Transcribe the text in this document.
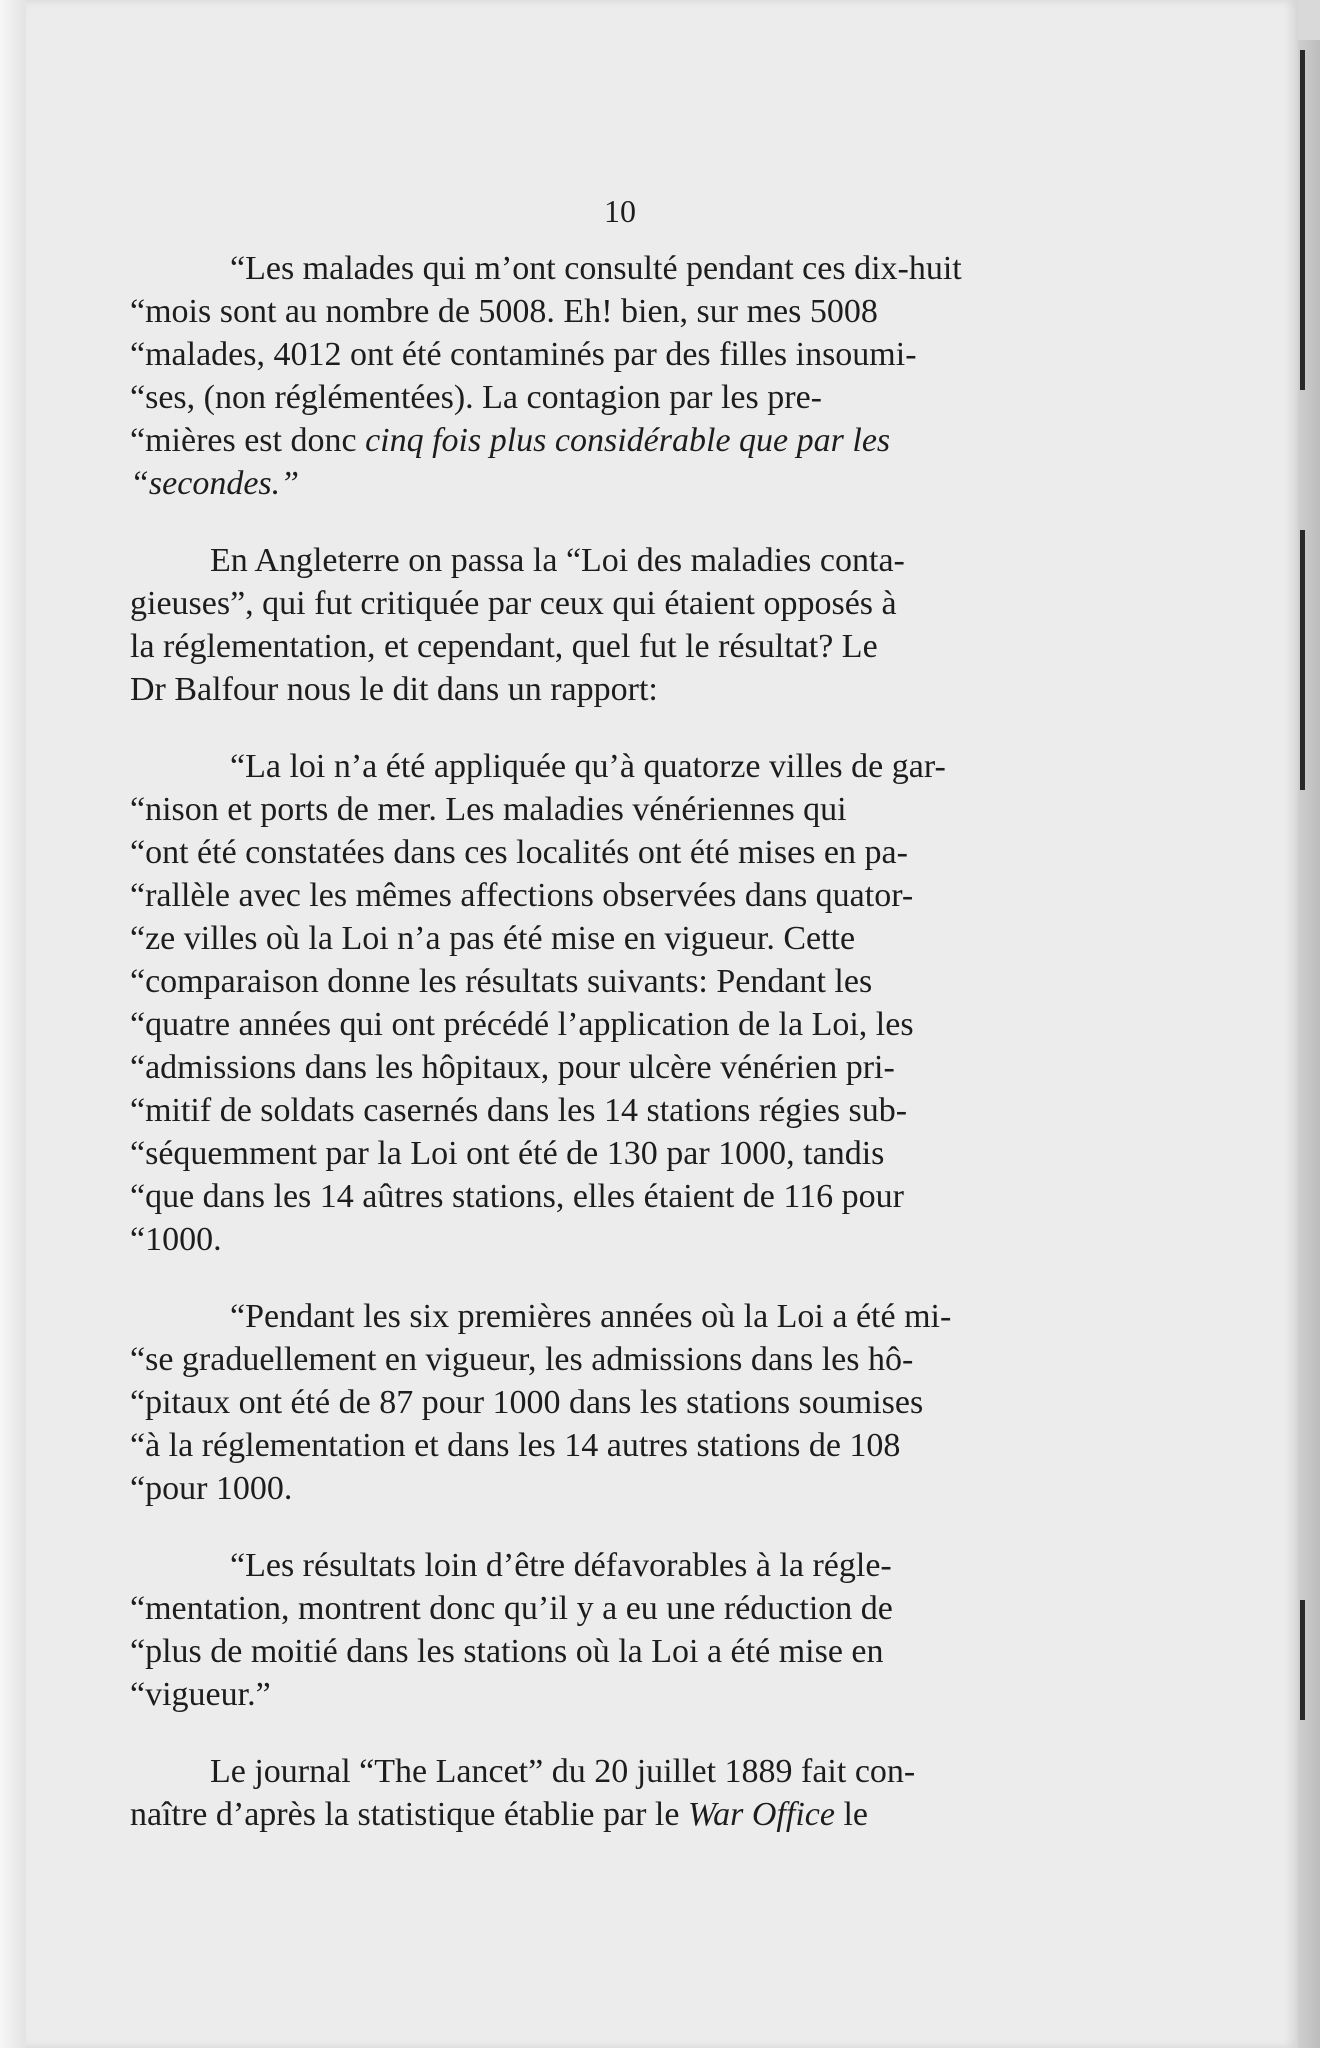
10

“Les malades qui m’ont consulté pendant ces dix-huit
“mois sont au nombre de 5008. Eh! bien, sur mes 5008
“malades, 4012 ont été contaminés par des filles insoumi-
“ses, (non réglémentées). La contagion par les pre-
“mières est donc cinq fois plus considérable que par les
“secondes.”

En Angleterre on passa la “Loi des maladies conta-
gieuses”, qui fut critiquée par ceux qui étaient opposés à
la réglementation, et cependant, quel fut le résultat? Le
Dr Balfour nous le dit dans un rapport:

“La loi n’a été appliquée qu’à quatorze villes de gar-
“nison et ports de mer. Les maladies vénériennes qui
“ont été constatées dans ces localités ont été mises en pa-
“rallèle avec les mêmes affections observées dans quator-
“ze villes où la Loi n’a pas été mise en vigueur. Cette
“comparaison donne les résultats suivants: Pendant les
“quatre années qui ont précédé l’application de la Loi, les
“admissions dans les hôpitaux, pour ulcère vénérien pri-
“mitif de soldats casernés dans les 14 stations régies sub-
“séquemment par la Loi ont été de 130 par 1000, tandis
“que dans les 14 aûtres stations, elles étaient de 116 pour
“1000.

“Pendant les six premières années où la Loi a été mi-
“se graduellement en vigueur, les admissions dans les hô-
“pitaux ont été de 87 pour 1000 dans les stations soumises
“à la réglementation et dans les 14 autres stations de 108
“pour 1000.

“Les résultats loin d’être défavorables à la régle-
“mentation, montrent donc qu’il y a eu une réduction de
“plus de moitié dans les stations où la Loi a été mise en
“vigueur.”

Le journal “The Lancet” du 20 juillet 1889 fait con-
naître d’après la statistique établie par le War Office le
